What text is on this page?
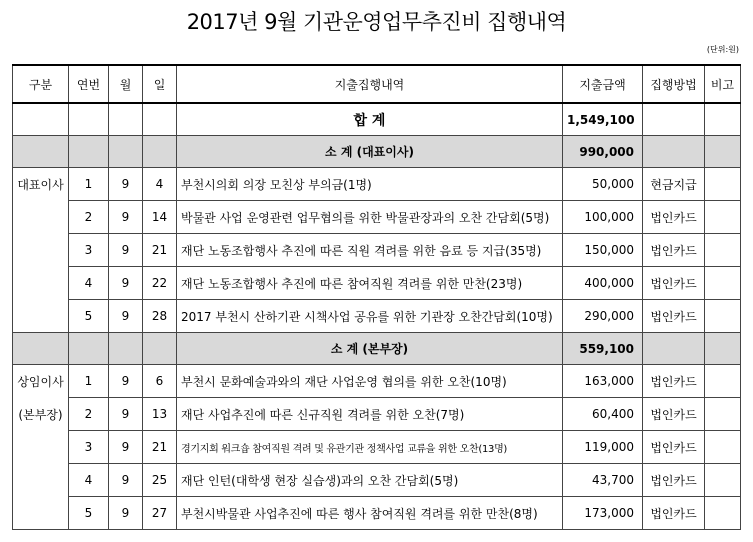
2017년 9월 기관운영업무추진비 집행내역
(단위:원)
구분	연번	월	일	지출집행내역	지출금액	집행방법	비고
				합 계	1,549,100		
				소 계 (대표이사)	990,000		
대표이사	1	9	4	부천시의회 의장 모친상 부의금(1명)	50,000	현금지급	
	2	9	14	박물관 사업 운영관련 업무협의를 위한 박물관장과의 오찬 간담회(5명)	100,000	법인카드	
	3	9	21	재단 노동조합행사 추진에 따른 직원 격려를 위한 음료 등 지급(35명)	150,000	법인카드	
	4	9	22	재단 노동조합행사 추진에 따른 참여직원 격려를 위한 만찬(23명)	400,000	법인카드	
	5	9	28	2017 부천시 산하기관 시책사업 공유를 위한 기관장 오찬간담회(10명)	290,000	법인카드	
				소 계 (본부장)	559,100		
상임이사	1	9	6	부천시 문화예술과와의 재단 사업운영 협의를 위한 오찬(10명)	163,000	법인카드	
(본부장)	2	9	13	재단 사업추진에 따른 신규직원 격려를 위한 오찬(7명)	60,400	법인카드	
	3	9	21	경기지회 워크숍 참여직원 격려 및 유관기관 정책사업 교류을 위한 오찬(13명)	119,000	법인카드	
	4	9	25	재단 인턴(대학생 현장 실습생)과의 오찬 간담회(5명)	43,700	법인카드	
	5	9	27	부천시박물관 사업추진에 따른 행사 참여직원 격려를 위한 만찬(8명)	173,000	법인카드	
